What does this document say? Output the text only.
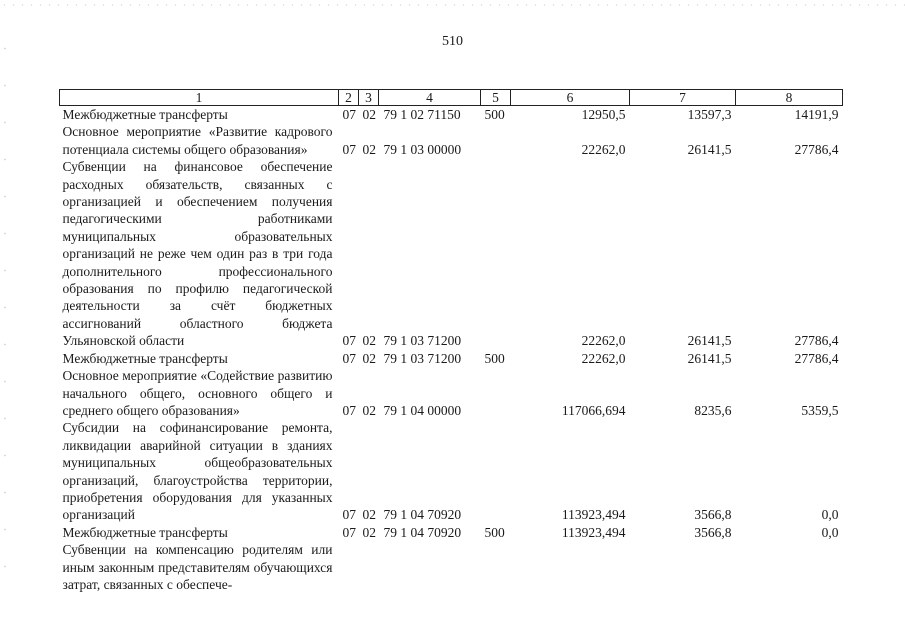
510
1	2	3	4	5	6	7	8
Межбюджетные трансферты	07	02	79 1 02 71150	500	12950,5	13597,3	14191,9
Основное мероприятие «Развитие кадрового потенциала системы общего образования»	07	02	79 1 03 00000		22262,0	26141,5	27786,4
Субвенции на финансовое обеспечение расходных обязательств, связанных с организацией и обеспечением получения педагогическими работниками муниципальных образовательных организаций не реже чем один раз в три года дополнительного профессионального образования по профилю педагогической деятельности за счёт бюджетных ассигнований областного бюджета Ульяновской области	07	02	79 1 03 71200		22262,0	26141,5	27786,4
Межбюджетные трансферты	07	02	79 1 03 71200	500	22262,0	26141,5	27786,4
Основное мероприятие «Содействие развитию начального общего, основного общего и среднего общего образования»	07	02	79 1 04 00000		117066,694	8235,6	5359,5
Субсидии на софинансирование ремонта, ликвидации аварийной ситуации в зданиях муниципальных общеобразовательных организаций, благоустройства территории, приобретения оборудования для указанных организаций	07	02	79 1 04 70920		113923,494	3566,8	0,0
Межбюджетные трансферты	07	02	79 1 04 70920	500	113923,494	3566,8	0,0
Субвенции на компенсацию родителям или иным законным представителям обучающихся затрат, связанных с обеспече-							
